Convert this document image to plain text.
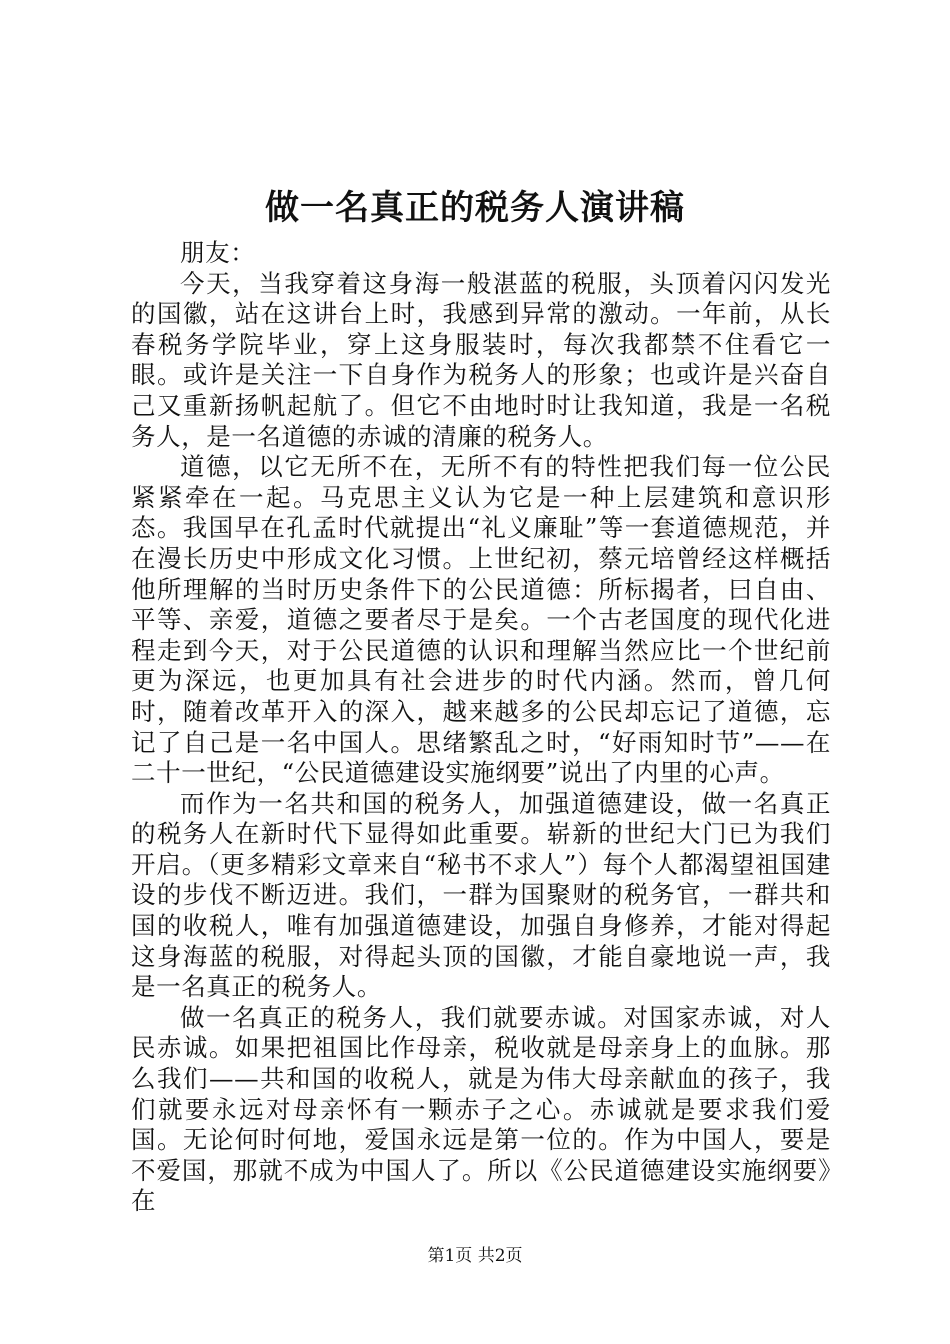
做一名真正的税务人演讲稿

朋友：

今天，当我穿着这身海一般湛蓝的税服，头顶着闪闪发光的国徽，站在这讲台上时，我感到异常的激动。一年前，从长春税务学院毕业，穿上这身服装时，每次我都禁不住看它一眼。或许是关注一下自身作为税务人的形象；也或许是兴奋自己又重新扬帆起航了。但它不由地时时让我知道，我是一名税务人，是一名道德的赤诚的清廉的税务人。

道德，以它无所不在，无所不有的特性把我们每一位公民紧紧牵在一起。马克思主义认为它是一种上层建筑和意识形态。我国早在孔孟时代就提出“礼义廉耻”等一套道德规范，并在漫长历史中形成文化习惯。上世纪初，蔡元培曾经这样概括他所理解的当时历史条件下的公民道德：所标揭者，曰自由、平等、亲爱，道德之要者尽于是矣。一个古老国度的现代化进程走到今天，对于公民道德的认识和理解当然应比一个世纪前更为深远，也更加具有社会进步的时代内涵。然而，曾几何时，随着改革开入的深入，越来越多的公民却忘记了道德，忘记了自己是一名中国人。思绪繁乱之时，“好雨知时节”——在二十一世纪，“公民道德建设实施纲要”说出了内里的心声。

而作为一名共和国的税务人，加强道德建设，做一名真正的税务人在新时代下显得如此重要。崭新的世纪大门已为我们开启。（更多精彩文章来自“秘书不求人”）每个人都渴望祖国建设的步伐不断迈进。我们，一群为国聚财的税务官，一群共和国的收税人，唯有加强道德建设，加强自身修养，才能对得起这身海蓝的税服，对得起头顶的国徽，才能自豪地说一声，我是一名真正的税务人。

做一名真正的税务人，我们就要赤诚。对国家赤诚，对人民赤诚。如果把祖国比作母亲，税收就是母亲身上的血脉。那么我们——共和国的收税人，就是为伟大母亲献血的孩子，我们就要永远对母亲怀有一颗赤子之心。赤诚就是要求我们爱国。无论何时何地，爱国永远是第一位的。作为中国人，要是不爱国，那就不成为中国人了。所以《公民道德建设实施纲要》在

第1页 共2页
